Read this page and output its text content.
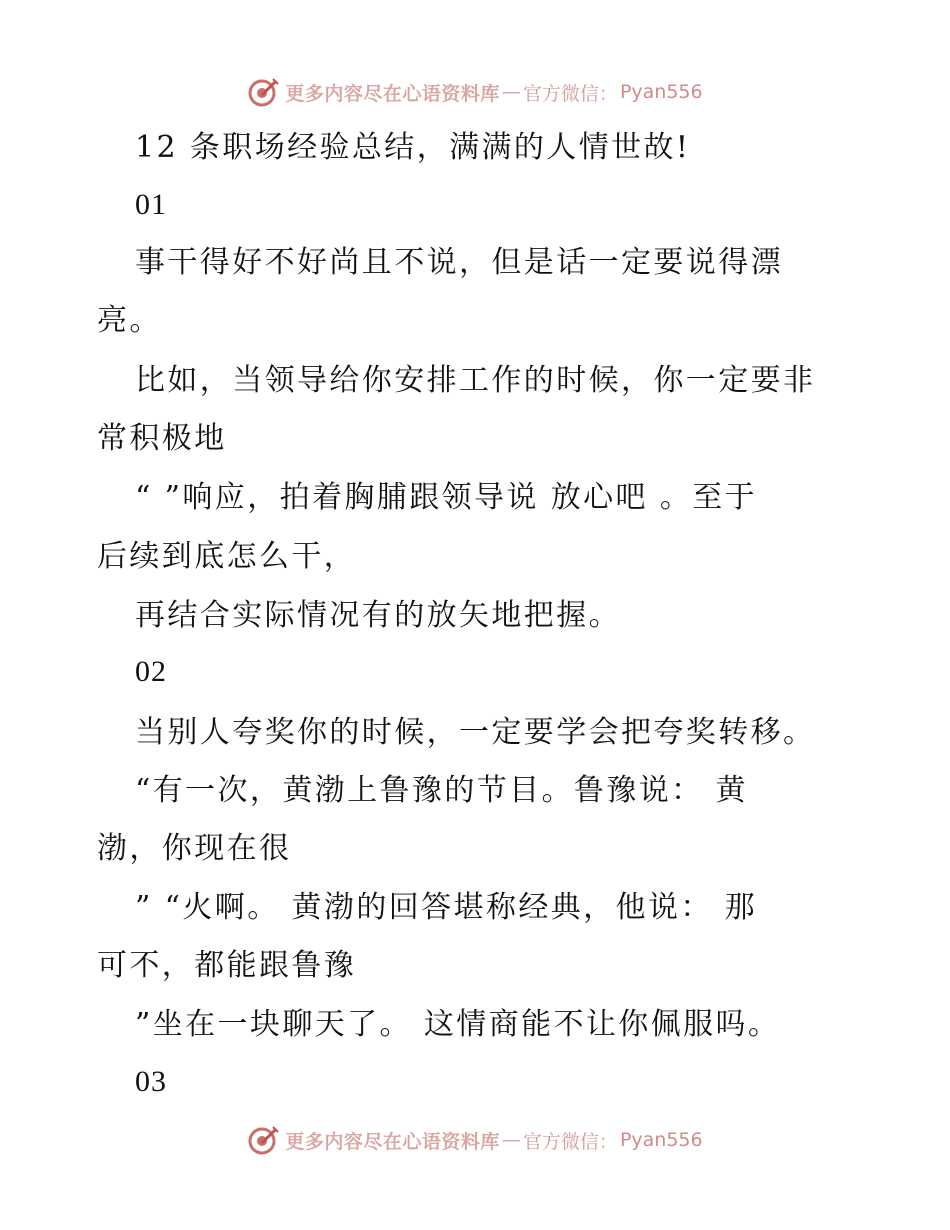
更多内容尽在心语资料库 — 官方微信： Pyan556
12 条职场经验总结，满满的人情世故!
01
事干得好不好尚且不说，但是话一定要说得漂
亮。
比如，当领导给你安排工作的时候，你一定要非
常积极地
“ ”响应，拍着胸脯跟领导说 放心吧 。至于
后续到底怎么干，
再结合实际情况有的放矢地把握。
02
当别人夸奖你的时候，一定要学会把夸奖转移。
“有一次，黄渤上鲁豫的节目。鲁豫说： 黄
渤，你现在很
” “火啊。 黄渤的回答堪称经典，他说： 那
可不，都能跟鲁豫
”坐在一块聊天了。 这情商能不让你佩服吗。
03
更多内容尽在心语资料库 — 官方微信： Pyan556
